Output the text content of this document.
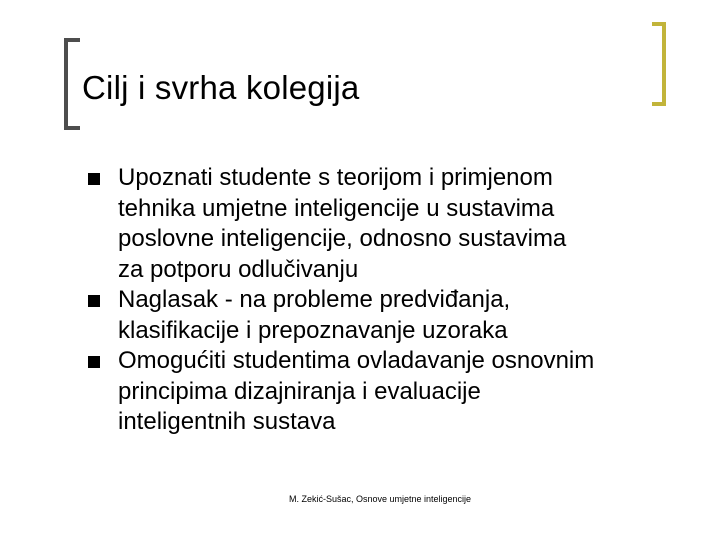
Cilj i svrha kolegija
Upoznati studente s teorijom i primjenom
tehnika umjetne inteligencije u sustavima
poslovne inteligencije, odnosno sustavima
za potporu odlučivanju
Naglasak - na probleme predviđanja,
klasifikacije i prepoznavanje uzoraka
Omogućiti studentima ovladavanje osnovnim
principima dizajniranja i evaluacije
inteligentnih sustava
M. Zekić-Sušac, Osnove umjetne inteligencije
